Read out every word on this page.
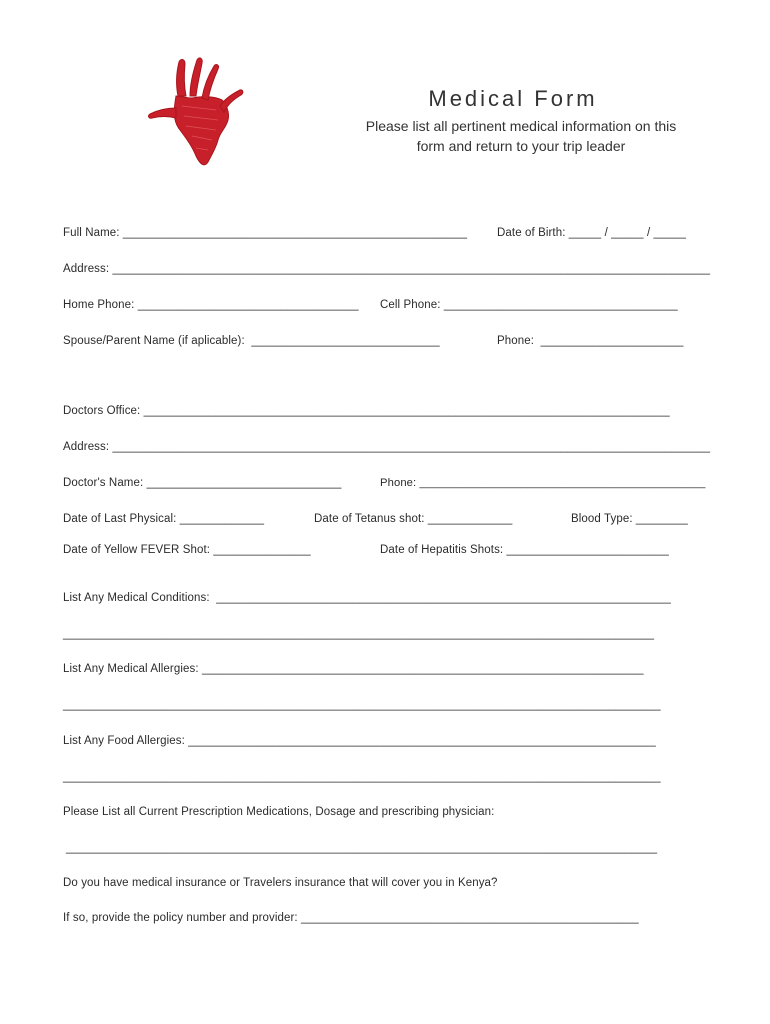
Medical Form
Please list all pertinent medical information on this
form and return to your trip leader
Full Name: _____________________________________________________	Date of Birth: _____ / _____ / _____
Address: ____________________________________________________________________________________________
Home Phone: __________________________________ Cell Phone: ____________________________________
Spouse/Parent Name (if aplicable):  _____________________________	Phone:  ______________________
Doctors Office: _________________________________________________________________________________
Address: ____________________________________________________________________________________________
Doctor's Name: ______________________________	Phone: _____________________________________________
Date of Last Physical: _____________	Date of Tetanus shot: _____________	Blood Type: ________
Date of Yellow FEVER Shot: _______________	Date of Hepatitis Shots: _________________________
List Any Medical Conditions:  ______________________________________________________________________
___________________________________________________________________________________________
List Any Medical Allergies: ____________________________________________________________________
____________________________________________________________________________________________
List Any Food Allergies: ________________________________________________________________________
____________________________________________________________________________________________
Please List all Current Prescription Medications, Dosage and prescribing physician:
___________________________________________________________________________________________
Do you have medical insurance or Travelers insurance that will cover you in Kenya?
If so, provide the policy number and provider: ____________________________________________________
